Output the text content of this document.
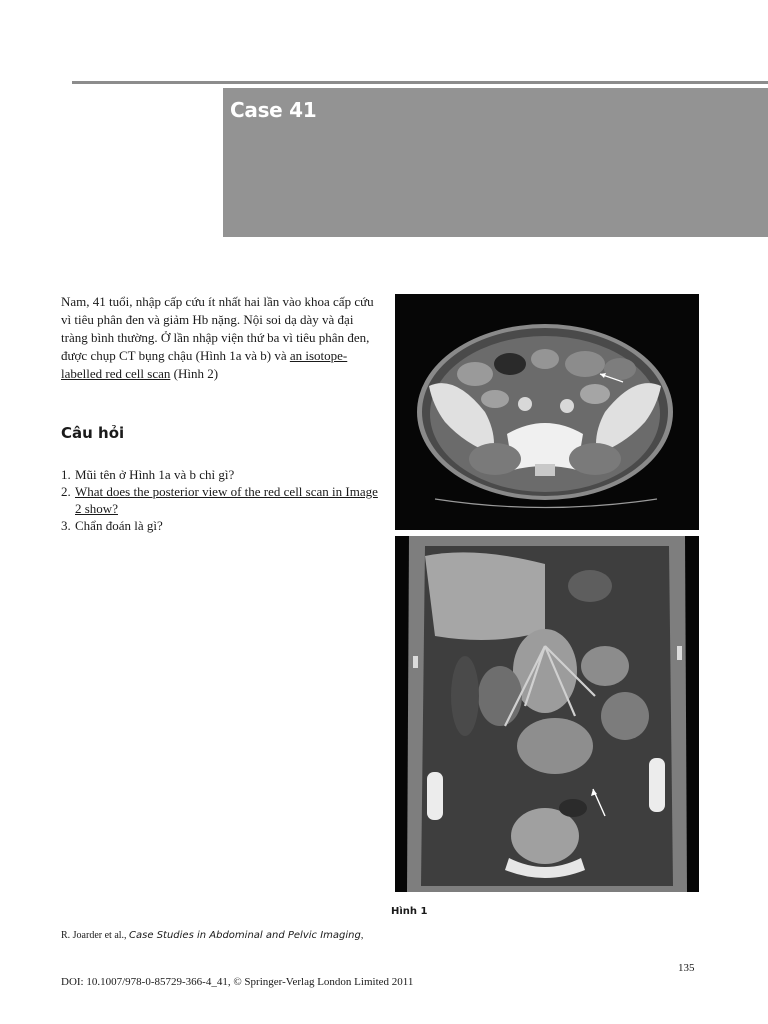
Case 41

Nam, 41 tuổi, nhập cấp cứu ít nhất hai lần vào khoa cấp cứu vì tiêu phân đen và giảm Hb nặng. Nội soi dạ dày và đại tràng bình thường. Ở lần nhập viện thứ ba vì tiêu phân đen, được chụp CT bụng chậu (Hình 1a và b) và an isotope-labelled red cell scan (Hình 2)

Câu hỏi
1. Mũi tên ở Hình 1a và b chỉ gì?
2. What does the posterior view of the red cell scan in Image 2 show?
3. Chẩn đoán là gì?
Hình 1
R. Joarder et al., Case Studies in Abdominal and Pelvic Imaging,
135
DOI: 10.1007/978-0-85729-366-4_41, © Springer-Verlag London Limited 2011
